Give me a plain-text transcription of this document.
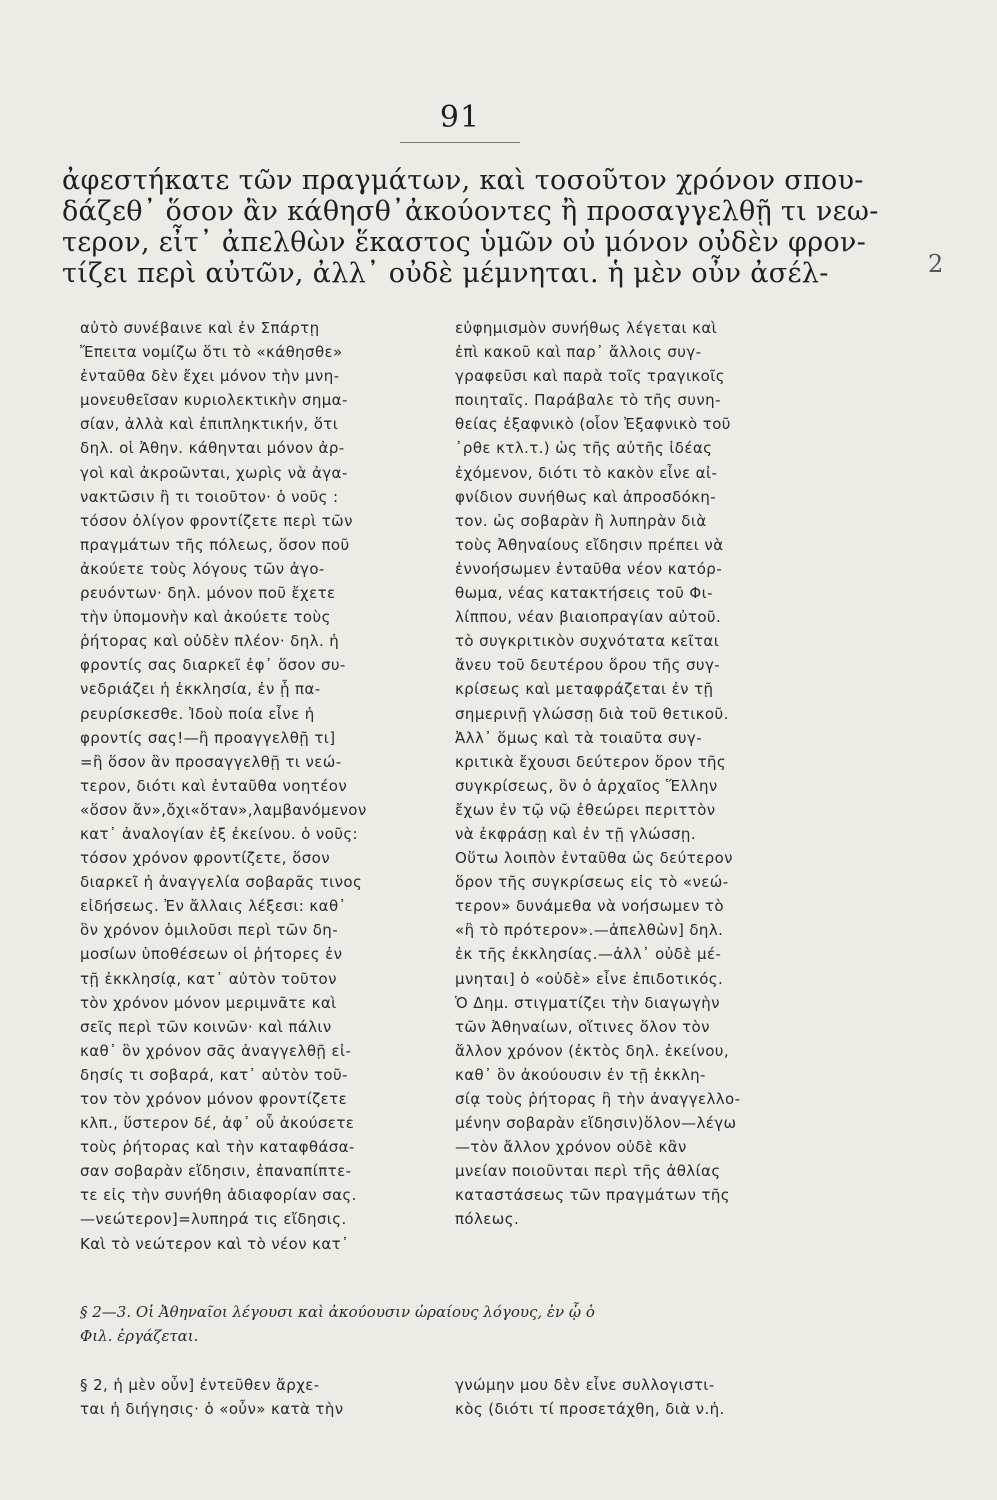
91
ἀφεστήκατε τῶν πραγμάτων, καὶ τοσοῦτον χρόνον σπου-
δάζεθ᾽ ὅσον ἂν κάθησθ᾽ἀκούοντες ἢ προσαγγελθῇ τι νεω-
τερον, εἶτ᾽ ἀπελθὼν ἕκαστος ὑμῶν οὐ μόνον οὐδὲν φρον-
τίζει περὶ αὐτῶν, ἀλλ᾽ οὐδὲ μέμνηται. ἡ μὲν οὖν ἀσέλ-	2
αὐτὸ συνέβαινε καὶ ἐν Σπάρτῃ
Ἔπειτα νομίζω ὅτι τὸ «κάθησθε»
ἐνταῦθα δὲν ἔχει μόνον τὴν μνη-
μονευθεῖσαν κυριολεκτικὴν σημα-
σίαν, ἀλλὰ καὶ ἐπιπληκτικήν, ὅτι
δηλ. οἱ Ἀθην. κάθηνται μόνον ἀρ-
γοὶ καὶ ἀκροῶνται, χωρὶς νὰ ἀγα-
νακτῶσιν ἢ τι τοιοῦτον· ὁ νοῦς :
τόσον ὀλίγον φροντίζετε περὶ τῶν
πραγμάτων τῆς πόλεως, ὅσον ποῦ
ἀκούετε τοὺς λόγους τῶν ἀγο-
ρευόντων· δηλ. μόνον ποῦ ἔχετε
τὴν ὑπομονὴν καὶ ἀκούετε τοὺς
ῥήτορας καὶ οὐδὲν πλέον· δηλ. ἡ
φροντίς σας διαρκεῖ ἐφ᾽ ὅσον συ-
νεδριάζει ἡ ἐκκλησία, ἐν ᾗ πα-
ρευρίσκεσθε. Ἰδοὺ ποία εἶνε ἡ
φροντίς σας!—ἢ προαγγελθῇ τι]
=ἢ ὅσον ἂν προσαγγελθῇ τι νεώ-
τερον, διότι καὶ ἐνταῦθα νοητέον
«ὅσον ἄν»,ὄχι«ὅταν»,λαμβανόμενον
κατ᾽ ἀναλογίαν ἐξ ἐκείνου. ὁ νοῦς:
τόσον χρόνον φροντίζετε, ὅσον
διαρκεῖ ἡ ἀναγγελία σοβαρᾶς τινος
εἰδήσεως. Ἐν ἄλλαις λέξεσι: καθ᾽
ὃν χρόνον ὁμιλοῦσι περὶ τῶν δη-
μοσίων ὑποθέσεων οἱ ῥήτορες ἐν
τῇ ἐκκλησίᾳ, κατ᾽ αὐτὸν τοῦτον
τὸν χρόνον μόνον μεριμνᾶτε καὶ
σεῖς περὶ τῶν κοινῶν· καὶ πάλιν
καθ᾽ ὃν χρόνον σᾶς ἀναγγελθῇ εἰ-
δησίς τι σοβαρά, κατ᾽ αὐτὸν τοῦ-
τον τὸν χρόνον μόνον φροντίζετε
κλπ., ὕστερον δέ, ἀφ᾽ οὗ ἀκούσετε
τοὺς ῥήτορας καὶ τὴν καταφθάσα-
σαν σοβαρὰν εἴδησιν, ἐπαναπίπτε-
τε εἰς τὴν συνήθη ἀδιαφορίαν σας.
—νεώτερον]=λυπηρά τις εἴδησις.
Καὶ τὸ νεώτερον καὶ τὸ νέον κατ᾽
εὐφημισμὸν συνήθως λέγεται καὶ
ἐπὶ κακοῦ καὶ παρ᾽ ἄλλοις συγ-
γραφεῦσι καὶ παρὰ τοῖς τραγικοῖς
ποιηταῖς. Παράβαλε τὸ τῆς συνη-
θείας ἐξαφνικὸ (οἷον Ἐξαφνικὸ τοῦ
᾽ρθε κτλ.τ.) ὡς τῆς αὐτῆς ἰδέας
ἐχόμενον, διότι τὸ κακὸν εἶνε αἰ-
φνίδιον συνήθως καὶ ἀπροσδόκη-
τον. ὡς σοβαρὰν ἢ λυπηρὰν διὰ
τοὺς Ἀθηναίους εἴδησιν πρέπει νὰ
ἐννοήσωμεν ἐνταῦθα νέον κατόρ-
θωμα, νέας κατακτήσεις τοῦ Φι-
λίππου, νέαν βιαιοπραγίαν αὐτοῦ.
τὸ συγκριτικὸν συχνότατα κεῖται
ἄνευ τοῦ δευτέρου ὅρου τῆς συγ-
κρίσεως καὶ μεταφράζεται ἐν τῇ
σημερινῇ γλώσσῃ διὰ τοῦ θετικοῦ.
Ἀλλ᾽ ὅμως καὶ τὰ τοιαῦτα συγ-
κριτικὰ ἔχουσι δεύτερον ὅρον τῆς
συγκρίσεως, ὃν ὁ ἀρχαῖος Ἕλλην
ἔχων ἐν τῷ νῷ ἐθεώρει περιττὸν
νὰ ἐκφράσῃ καὶ ἐν τῇ γλώσσῃ.
Οὕτω λοιπὸν ἐνταῦθα ὡς δεύτερον
ὅρον τῆς συγκρίσεως εἰς τὸ «νεώ-
τερον» δυνάμεθα νὰ νοήσωμεν τὸ
«ἢ τὸ πρότερον».—ἀπελθὼν] δηλ.
ἐκ τῆς ἐκκλησίας.—ἀλλ᾽ οὐδὲ μέ-
μνηται] ὁ «οὐδὲ» εἶνε ἐπιδοτικός.
Ὁ Δημ. στιγματίζει τὴν διαγωγὴν
τῶν Ἀθηναίων, οἵτινες ὅλον τὸν
ἄλλον χρόνον (ἐκτὸς δηλ. ἐκείνου,
καθ᾽ ὃν ἀκούουσιν ἐν τῇ ἐκκλη-
σίᾳ τοὺς ῥήτορας ἢ τὴν ἀναγγελλο-
μένην σοβαρὰν εἴδησιν)ὅλον—λέγω
—τὸν ἄλλον χρόνον οὐδὲ κἂν
μνείαν ποιοῦνται περὶ τῆς ἀθλίας
καταστάσεως τῶν πραγμάτων τῆς
πόλεως.
§ 2—3. Οἱ Ἀθηναῖοι λέγουσι καὶ ἀκούουσιν ὡραίους λόγους, ἐν ᾧ ὁ
Φιλ. ἐργάζεται.
§ 2, ἡ μὲν οὖν] ἐντεῦθεν ἄρχε-
ται ἡ διήγησις· ὁ «οὖν» κατὰ τὴν
γνώμην μου δὲν εἶνε συλλογιστι-
κὸς (διότι τί προσετάχθη, διὰ ν.ἡ.
